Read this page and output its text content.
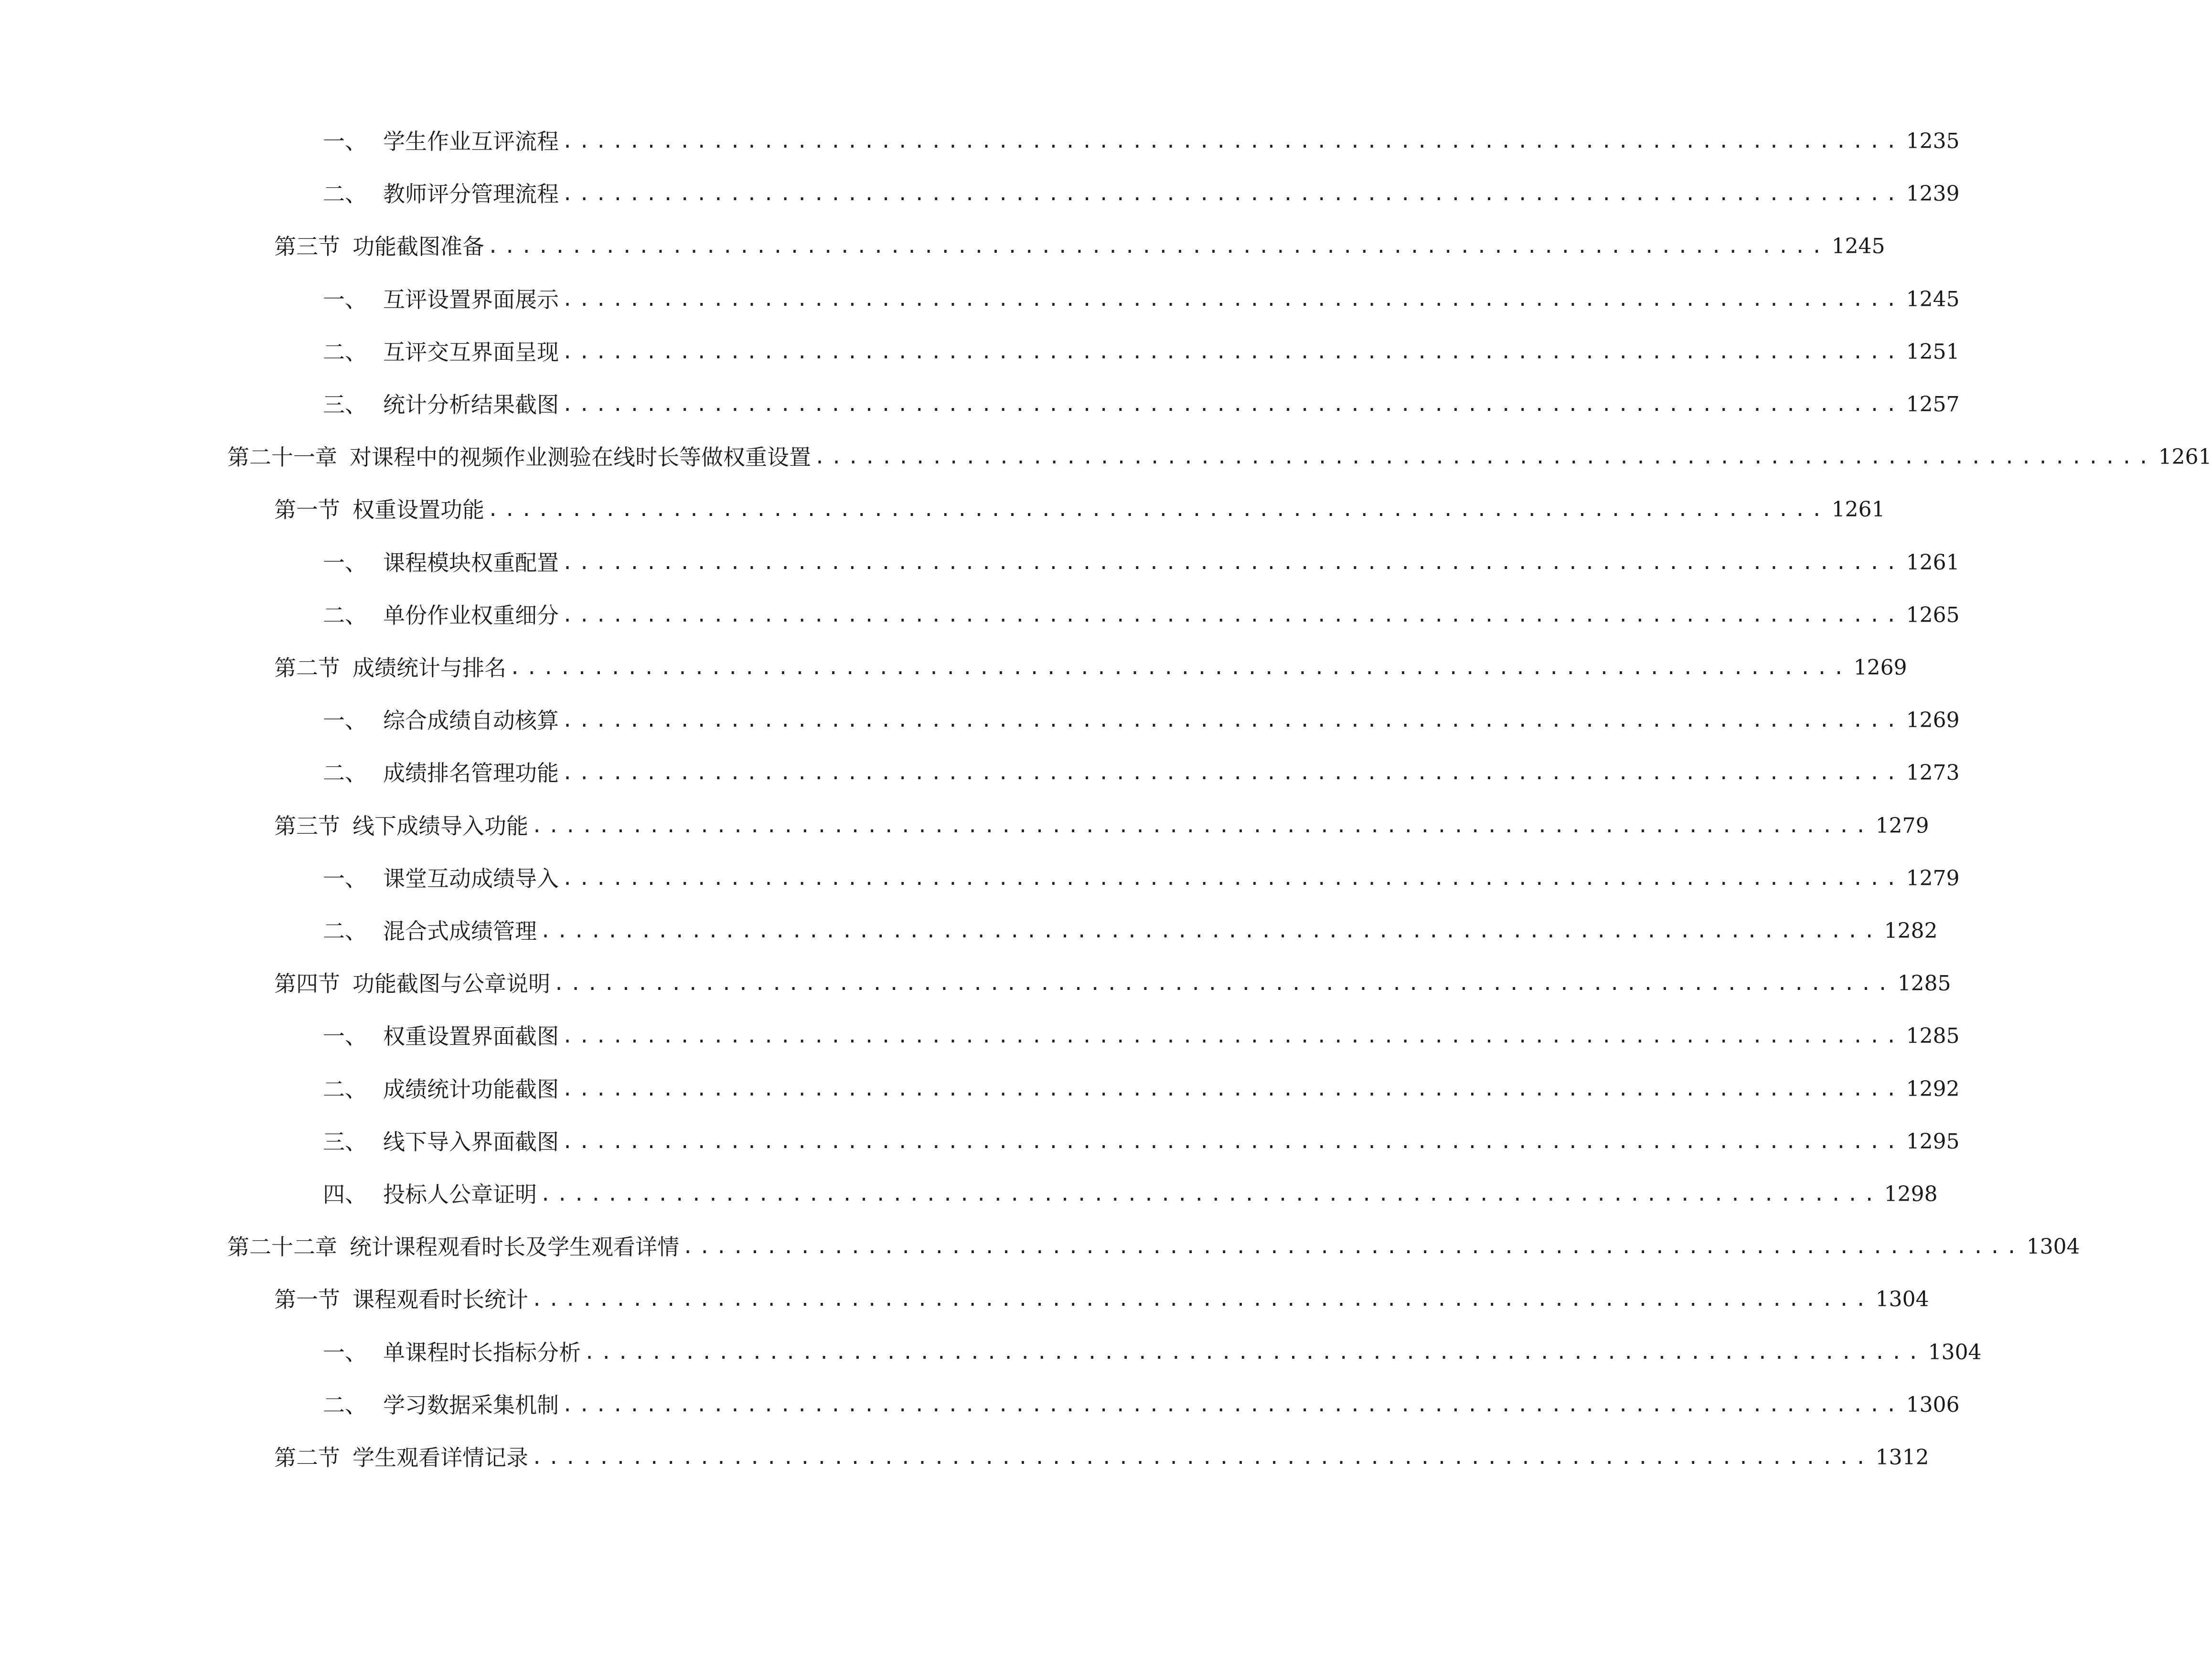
一、 学生作业互评流程 ................................................................................ 1235
二、 教师评分管理流程 ................................................................................ 1239
第三节 功能截图准备 ................................................................................ 1245
一、 互评设置界面展示 ................................................................................ 1245
二、 互评交互界面呈现 ................................................................................ 1251
三、 统计分析结果截图 ................................................................................ 1257
第二十一章 对课程中的视频作业测验在线时长等做权重设置 ................................................................................ 1261
第一节 权重设置功能 ................................................................................ 1261
一、 课程模块权重配置 ................................................................................ 1261
二、 单份作业权重细分 ................................................................................ 1265
第二节 成绩统计与排名 ................................................................................ 1269
一、 综合成绩自动核算 ................................................................................ 1269
二、 成绩排名管理功能 ................................................................................ 1273
第三节 线下成绩导入功能 ................................................................................ 1279
一、 课堂互动成绩导入 ................................................................................ 1279
二、 混合式成绩管理 ................................................................................ 1282
第四节 功能截图与公章说明 ................................................................................ 1285
一、 权重设置界面截图 ................................................................................ 1285
二、 成绩统计功能截图 ................................................................................ 1292
三、 线下导入界面截图 ................................................................................ 1295
四、 投标人公章证明 ................................................................................ 1298
第二十二章 统计课程观看时长及学生观看详情 ................................................................................ 1304
第一节 课程观看时长统计 ................................................................................ 1304
一、 单课程时长指标分析 ................................................................................ 1304
二、 学习数据采集机制 ................................................................................ 1306
第二节 学生观看详情记录 ................................................................................ 1312
